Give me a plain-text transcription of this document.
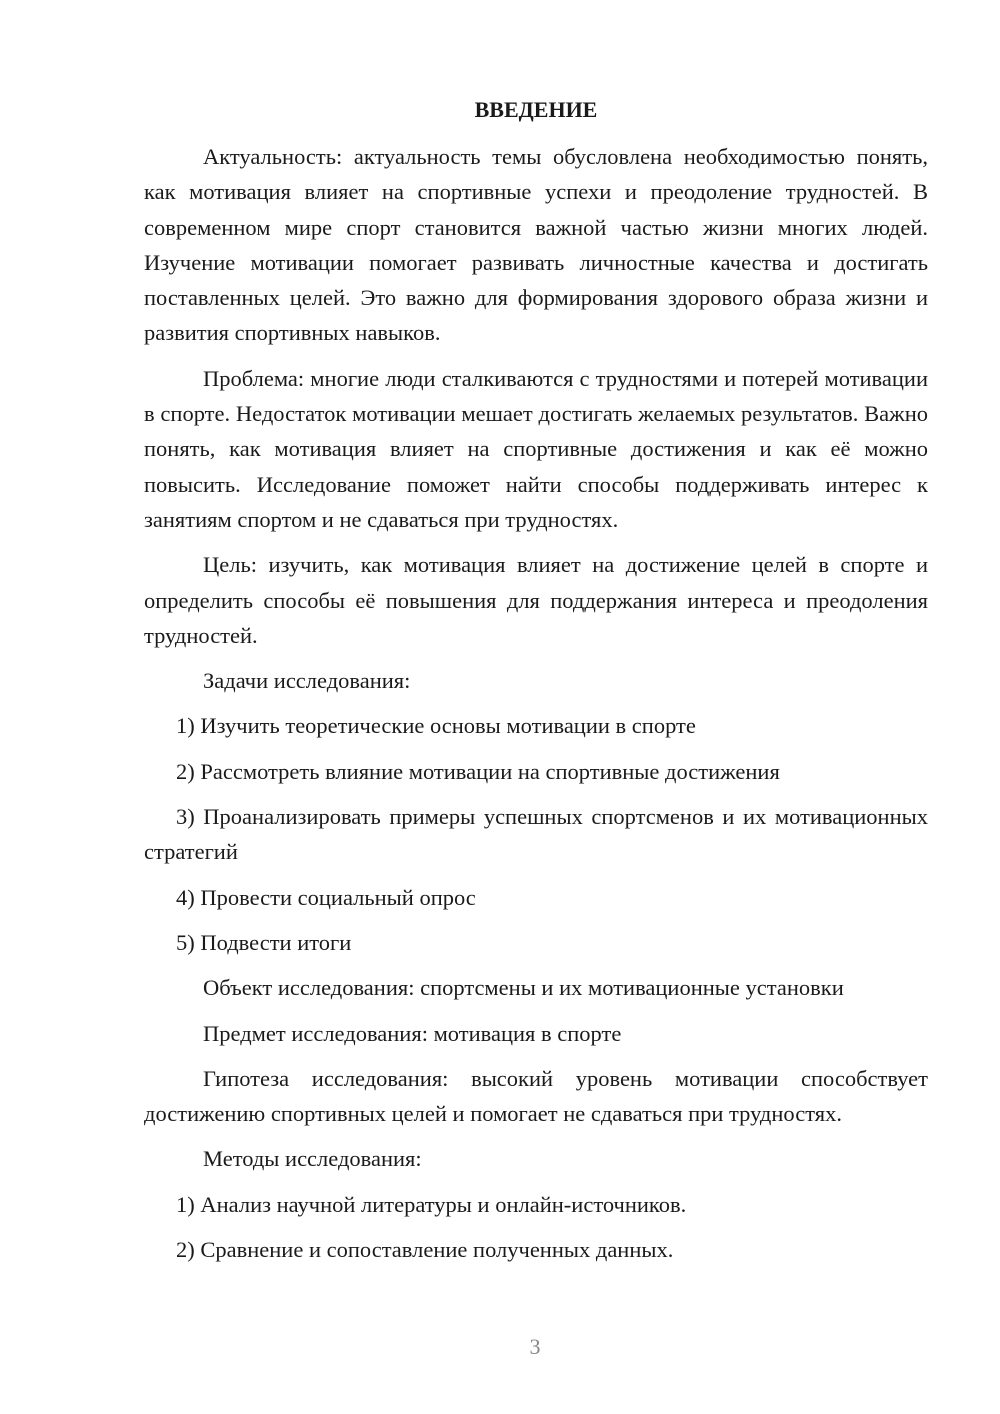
ВВЕДЕНИЕ

Актуальность: актуальность темы обусловлена необходимостью понять, как мотивация влияет на спортивные успехи и преодоление трудностей. В современном мире спорт становится важной частью жизни многих людей. Изучение мотивации помогает развивать личностные качества и достигать поставленных целей. Это важно для формирования здорового образа жизни и развития спортивных навыков.

Проблема: многие люди сталкиваются с трудностями и потерей мотивации в спорте. Недостаток мотивации мешает достигать желаемых результатов. Важно понять, как мотивация влияет на спортивные достижения и как её можно повысить. Исследование поможет найти способы поддерживать интерес к занятиям спортом и не сдаваться при трудностях.

Цель: изучить, как мотивация влияет на достижение целей в спорте и определить способы её повышения для поддержания интереса и преодоления трудностей.

Задачи исследования:

1) Изучить теоретические основы мотивации в спорте

2) Рассмотреть влияние мотивации на спортивные достижения

3) Проанализировать примеры успешных спортсменов и их мотивационных стратегий

4) Провести социальный опрос

5) Подвести итоги

Объект исследования: спортсмены и их мотивационные установки

Предмет исследования: мотивация в спорте

Гипотеза исследования: высокий уровень мотивации способствует достижению спортивных целей и помогает не сдаваться при трудностях.

Методы исследования:

1) Анализ научной литературы и онлайн-источников.

2) Сравнение и сопоставление полученных данных.

3
